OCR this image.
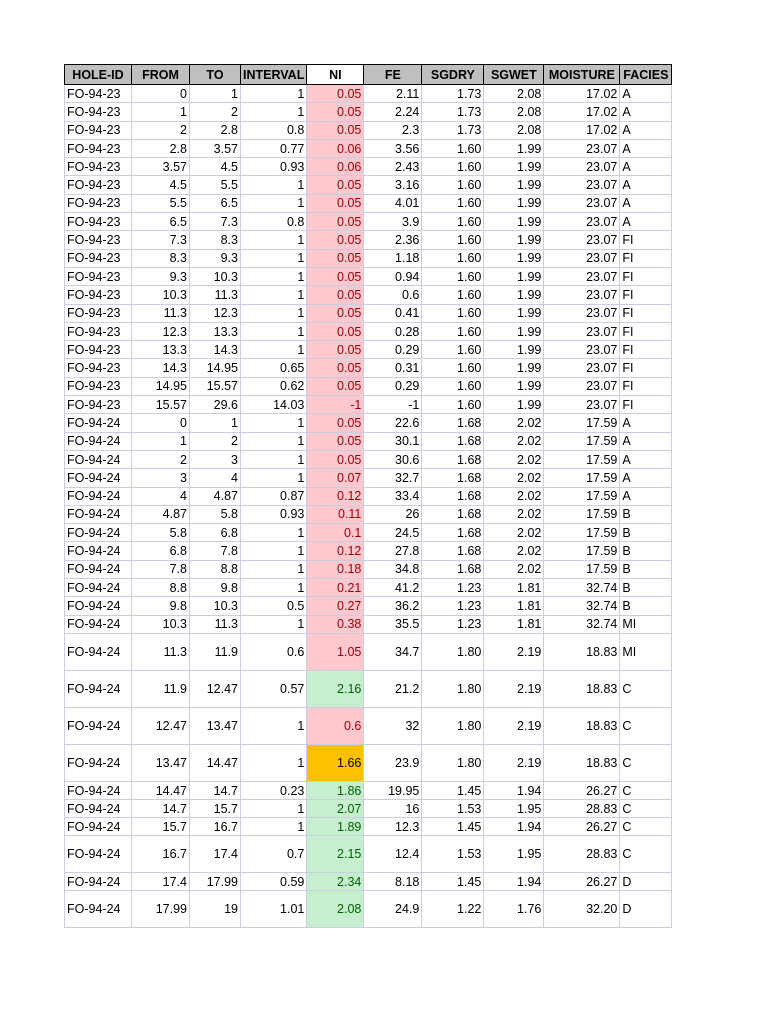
HOLE-ID	FROM	TO	INTERVAL	NI	FE	SGDRY	SGWET	MOISTURE	FACIES
FO-94-23	0	1	1	0.05	2.11	1.73	2.08	17.02	A
FO-94-23	1	2	1	0.05	2.24	1.73	2.08	17.02	A
FO-94-23	2	2.8	0.8	0.05	2.3	1.73	2.08	17.02	A
FO-94-23	2.8	3.57	0.77	0.06	3.56	1.60	1.99	23.07	A
FO-94-23	3.57	4.5	0.93	0.06	2.43	1.60	1.99	23.07	A
FO-94-23	4.5	5.5	1	0.05	3.16	1.60	1.99	23.07	A
FO-94-23	5.5	6.5	1	0.05	4.01	1.60	1.99	23.07	A
FO-94-23	6.5	7.3	0.8	0.05	3.9	1.60	1.99	23.07	A
FO-94-23	7.3	8.3	1	0.05	2.36	1.60	1.99	23.07	FI
FO-94-23	8.3	9.3	1	0.05	1.18	1.60	1.99	23.07	FI
FO-94-23	9.3	10.3	1	0.05	0.94	1.60	1.99	23.07	FI
FO-94-23	10.3	11.3	1	0.05	0.6	1.60	1.99	23.07	FI
FO-94-23	11.3	12.3	1	0.05	0.41	1.60	1.99	23.07	FI
FO-94-23	12.3	13.3	1	0.05	0.28	1.60	1.99	23.07	FI
FO-94-23	13.3	14.3	1	0.05	0.29	1.60	1.99	23.07	FI
FO-94-23	14.3	14.95	0.65	0.05	0.31	1.60	1.99	23.07	FI
FO-94-23	14.95	15.57	0.62	0.05	0.29	1.60	1.99	23.07	FI
FO-94-23	15.57	29.6	14.03	-1	-1	1.60	1.99	23.07	FI
FO-94-24	0	1	1	0.05	22.6	1.68	2.02	17.59	A
FO-94-24	1	2	1	0.05	30.1	1.68	2.02	17.59	A
FO-94-24	2	3	1	0.05	30.6	1.68	2.02	17.59	A
FO-94-24	3	4	1	0.07	32.7	1.68	2.02	17.59	A
FO-94-24	4	4.87	0.87	0.12	33.4	1.68	2.02	17.59	A
FO-94-24	4.87	5.8	0.93	0.11	26	1.68	2.02	17.59	B
FO-94-24	5.8	6.8	1	0.1	24.5	1.68	2.02	17.59	B
FO-94-24	6.8	7.8	1	0.12	27.8	1.68	2.02	17.59	B
FO-94-24	7.8	8.8	1	0.18	34.8	1.68	2.02	17.59	B
FO-94-24	8.8	9.8	1	0.21	41.2	1.23	1.81	32.74	B
FO-94-24	9.8	10.3	0.5	0.27	36.2	1.23	1.81	32.74	B
FO-94-24	10.3	11.3	1	0.38	35.5	1.23	1.81	32.74	MI
FO-94-24	11.3	11.9	0.6	1.05	34.7	1.80	2.19	18.83	MI
FO-94-24	11.9	12.47	0.57	2.16	21.2	1.80	2.19	18.83	C
FO-94-24	12.47	13.47	1	0.6	32	1.80	2.19	18.83	C
FO-94-24	13.47	14.47	1	1.66	23.9	1.80	2.19	18.83	C
FO-94-24	14.47	14.7	0.23	1.86	19.95	1.45	1.94	26.27	C
FO-94-24	14.7	15.7	1	2.07	16	1.53	1.95	28.83	C
FO-94-24	15.7	16.7	1	1.89	12.3	1.45	1.94	26.27	C
FO-94-24	16.7	17.4	0.7	2.15	12.4	1.53	1.95	28.83	C
FO-94-24	17.4	17.99	0.59	2.34	8.18	1.45	1.94	26.27	D
FO-94-24	17.99	19	1.01	2.08	24.9	1.22	1.76	32.20	D
